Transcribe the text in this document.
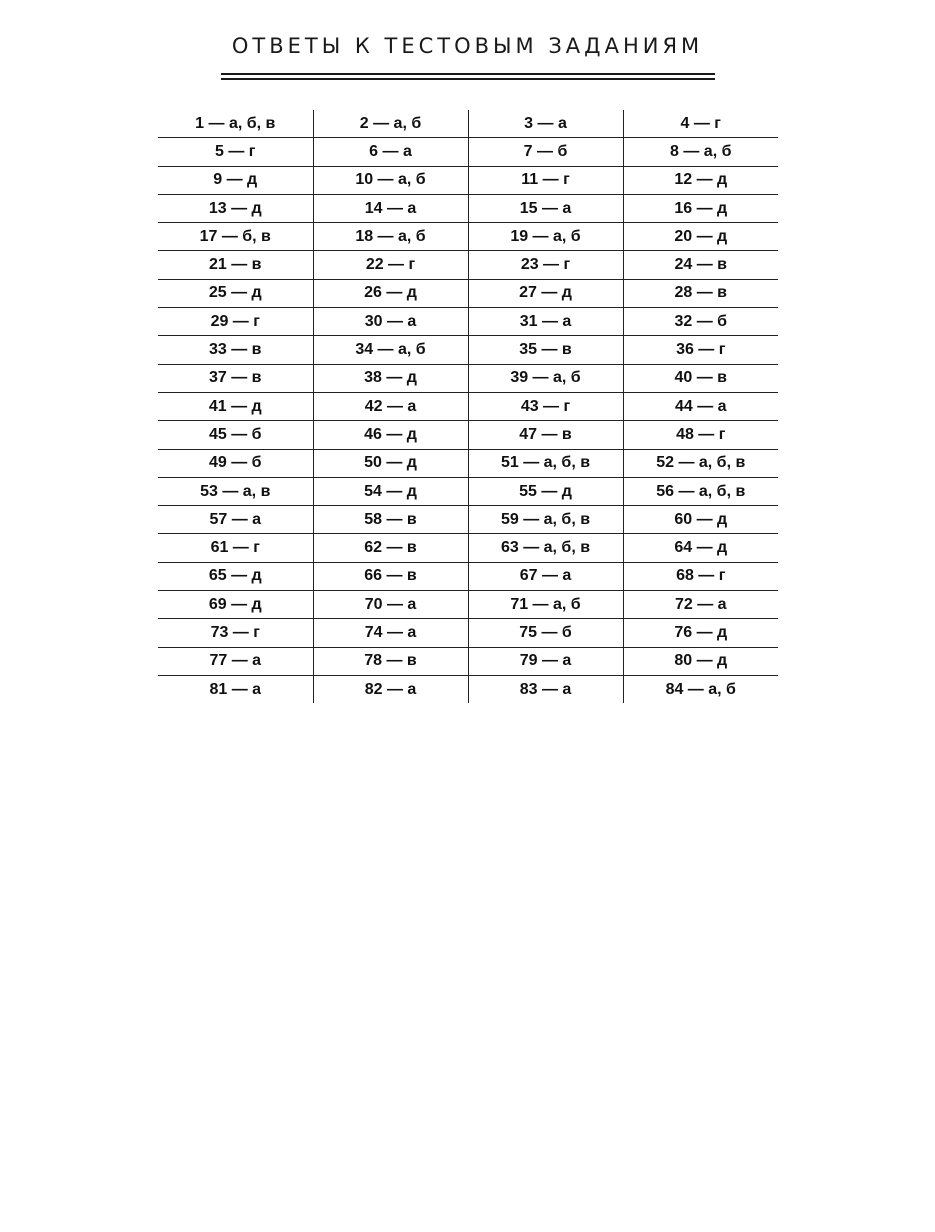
ОТВЕТЫ К ТЕСТОВЫМ ЗАДАНИЯМ
1 — а, б, в	2 — а, б	3 — а	4 — г
5 — г	6 — а	7 — б	8 — а, б
9 — д	10 — а, б	11 — г	12 — д
13 — д	14 — а	15 — а	16 — д
17 — б, в	18 — а, б	19 — а, б	20 — д
21 — в	22 — г	23 — г	24 — в
25 — д	26 — д	27 — д	28 — в
29 — г	30 — а	31 — а	32 — б
33 — в	34 — а, б	35 — в	36 — г
37 — в	38 — д	39 — а, б	40 — в
41 — д	42 — а	43 — г	44 — а
45 — б	46 — д	47 — в	48 — г
49 — б	50 — д	51 — а, б, в	52 — а, б, в
53 — а, в	54 — д	55 — д	56 — а, б, в
57 — а	58 — в	59 — а, б, в	60 — д
61 — г	62 — в	63 — а, б, в	64 — д
65 — д	66 — в	67 — а	68 — г
69 — д	70 — а	71 — а, б	72 — а
73 — г	74 — а	75 — б	76 — д
77 — а	78 — в	79 — а	80 — д
81 — а	82 — а	83 — а	84 — а, б
